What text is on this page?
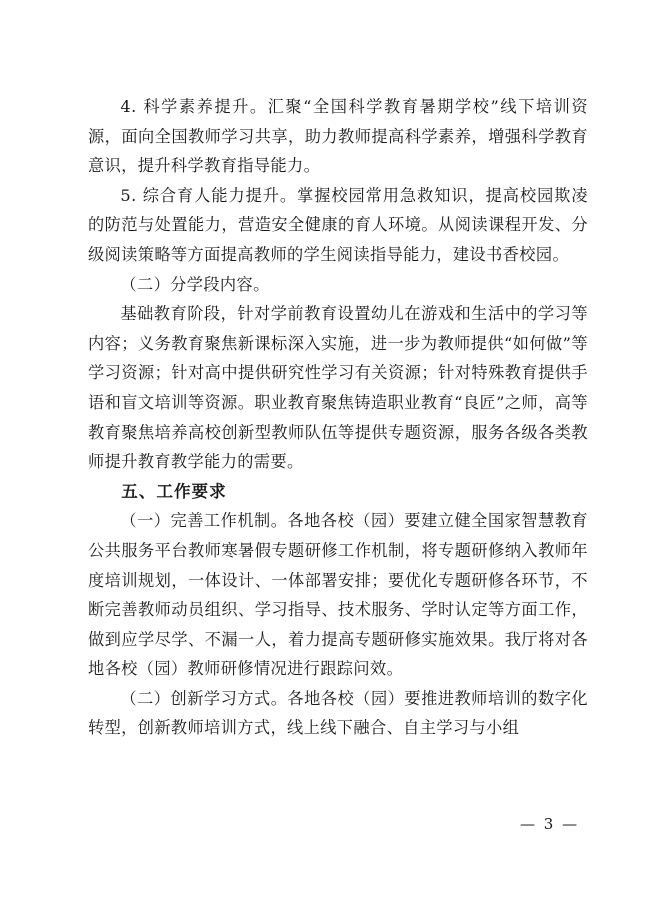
4. 科学素养提升。汇聚“全国科学教育暑期学校”线下培训资源，面向全国教师学习共享，助力教师提高科学素养，增强科学教育意识，提升科学教育指导能力。

5. 综合育人能力提升。掌握校园常用急救知识，提高校园欺凌的防范与处置能力，营造安全健康的育人环境。从阅读课程开发、分级阅读策略等方面提高教师的学生阅读指导能力，建设书香校园。

（二）分学段内容。

基础教育阶段，针对学前教育设置幼儿在游戏和生活中的学习等内容；义务教育聚焦新课标深入实施，进一步为教师提供“如何做”等学习资源；针对高中提供研究性学习有关资源；针对特殊教育提供手语和盲文培训等资源。职业教育聚焦铸造职业教育“良匠”之师，高等教育聚焦培养高校创新型教师队伍等提供专题资源，服务各级各类教师提升教育教学能力的需要。

五、工作要求

（一）完善工作机制。各地各校（园）要建立健全国家智慧教育公共服务平台教师寒暑假专题研修工作机制，将专题研修纳入教师年度培训规划，一体设计、一体部署安排；要优化专题研修各环节，不断完善教师动员组织、学习指导、技术服务、学时认定等方面工作，做到应学尽学、不漏一人，着力提高专题研修实施效果。我厅将对各地各校（园）教师研修情况进行跟踪问效。

（二）创新学习方式。各地各校（园）要推进教师培训的数字化转型，创新教师培训方式，线上线下融合、自主学习与小组

— 3 —
